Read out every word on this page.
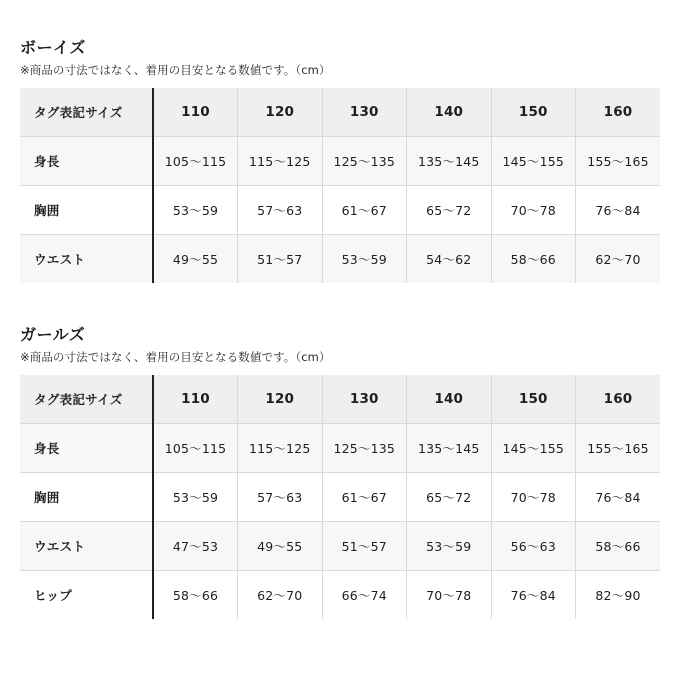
ボーイズ
※商品の寸法ではなく、着用の目安となる数値です。（cm）
タグ表記サイズ	110	120	130	140	150	160
身長	105〜115	115〜125	125〜135	135〜145	145〜155	155〜165
胸囲	53〜59	57〜63	61〜67	65〜72	70〜78	76〜84
ウエスト	49〜55	51〜57	53〜59	54〜62	58〜66	62〜70
ガールズ
※商品の寸法ではなく、着用の目安となる数値です。（cm）
タグ表記サイズ	110	120	130	140	150	160
身長	105〜115	115〜125	125〜135	135〜145	145〜155	155〜165
胸囲	53〜59	57〜63	61〜67	65〜72	70〜78	76〜84
ウエスト	47〜53	49〜55	51〜57	53〜59	56〜63	58〜66
ヒップ	58〜66	62〜70	66〜74	70〜78	76〜84	82〜90
